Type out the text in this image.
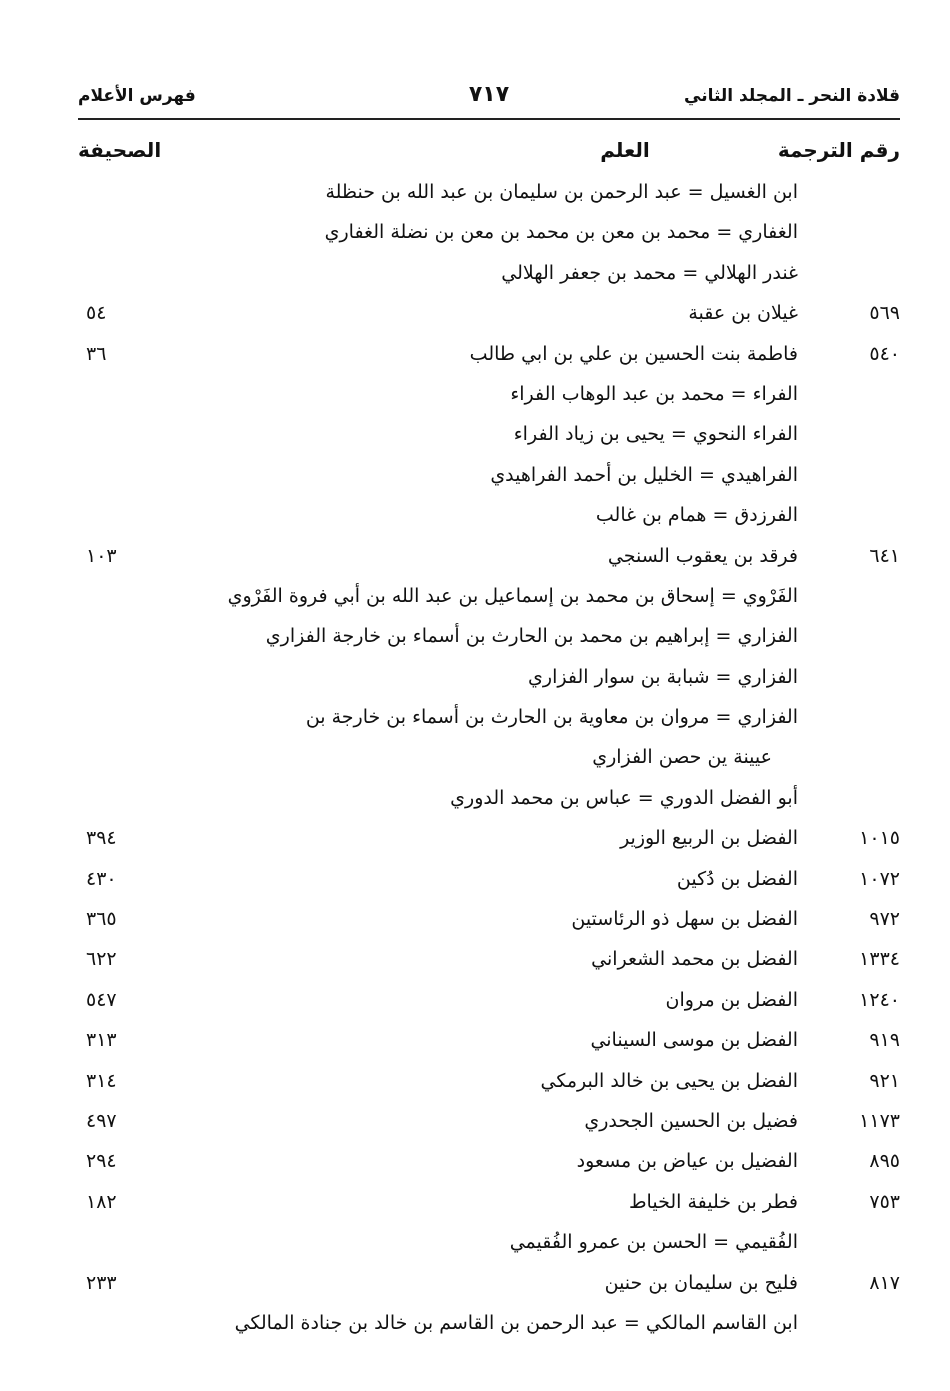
قلادة النحر ـ المجلد الثاني
٧١٧
فهرس الأعلام
رقم الترجمة
العلم
الصحيفة
ابن الغسيل = عبد الرحمن بن سليمان بن عبد الله بن حنظلة
الغفاري = محمد بن معن بن محمد بن معن بن نضلة الغفاري
غندر الهلالي = محمد بن جعفر الهلالي
٥٦٩
غيلان بن عقبة
٥٤
٥٤٠
فاطمة بنت الحسين بن علي بن ابي طالب
٣٦
الفراء = محمد بن عبد الوهاب الفراء
الفراء النحوي = يحيى بن زياد الفراء
الفراهيدي = الخليل بن أحمد الفراهيدي
الفرزدق = همام بن غالب
٦٤١
فرقد بن يعقوب السنجي
١٠٣
الفَرْوي = إسحاق بن محمد بن إسماعيل بن عبد الله بن أبي فروة الفَرْوي
الفزاري = إبراهيم بن محمد بن الحارث بن أسماء بن خارجة الفزاري
الفزاري = شبابة بن سوار الفزاري
الفزاري = مروان بن معاوية بن الحارث بن أسماء بن خارجة بن
عيينة ين حصن الفزاري
أبو الفضل الدوري = عباس بن محمد الدوري
١٠١٥
الفضل بن الربيع الوزير
٣٩٤
١٠٧٢
الفضل بن دُكين
٤٣٠
٩٧٢
الفضل بن سهل ذو الرئاستين
٣٦٥
١٣٣٤
الفضل بن محمد الشعراني
٦٢٢
١٢٤٠
الفضل بن مروان
٥٤٧
٩١٩
الفضل بن موسى السيناني
٣١٣
٩٢١
الفضل بن يحيى بن خالد البرمكي
٣١٤
١١٧٣
فضيل بن الحسين الجحدري
٤٩٧
٨٩٥
الفضيل بن عياض بن مسعود
٢٩٤
٧٥٣
فطر بن خليفة الخياط
١٨٢
الفُقيمي = الحسن بن عمرو الفُقيمي
٨١٧
فليح بن سليمان بن حنين
٢٣٣
ابن القاسم المالكي = عبد الرحمن بن القاسم بن خالد بن جنادة المالكي
